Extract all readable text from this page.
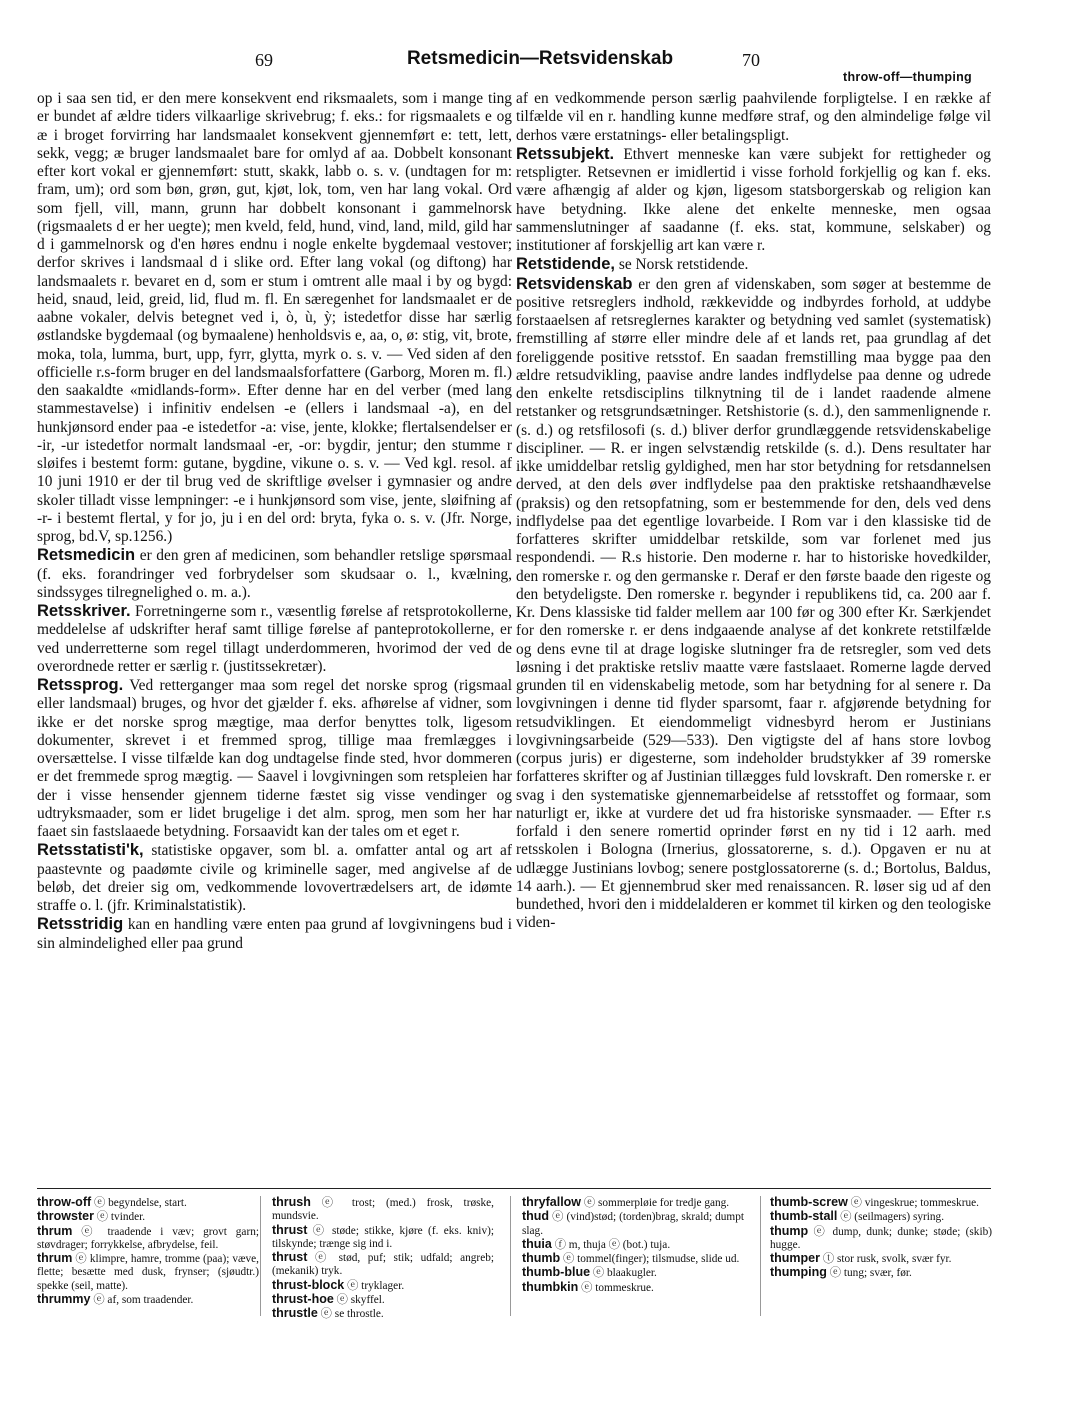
69	Retsmedicin—Retsvidenskab	70
throw-off—thumping

op i saa sen tid, er den mere konsekvent end riksmaalets, som i mange ting er bundet af ældre tiders vilkaarlige skrivebrug; f. eks.: for rigsmaalets e og æ i broget forvirring har landsmaalet konsekvent gjennemført e: tett, lett, sekk, vegg; æ bruger landsmaalet bare for omlyd af aa. Dobbelt konsonant efter kort vokal er gjennemført: stutt, skakk, labb o. s. v. (undtagen for m: fram, um); ord som bøn, grøn, gut, kjøt, lok, tom, ven har lang vokal. Ord som fjell, vill, mann, grunn har dobbelt konsonant i gammelnorsk (rigsmaalets d er her uegte); men kveld, feld, hund, vind, land, mild, gild har d i gammelnorsk og d'en høres endnu i nogle enkelte bygdemaal vestover; derfor skrives i landsmaal d i slike ord. Efter lang vokal (og diftong) har landsmaalets r. bevaret en d, som er stum i omtrent alle maal i by og bygd: heid, snaud, leid, greid, lid, flud m. fl. En særegenhet for landsmaalet er de aabne vokaler, delvis betegnet ved i, ò, ù, ỳ; istedetfor disse har særlig østlandske bygdemaal (og bymaalene) henholdsvis e, aa, o, ø: stig, vit, brote, moka, tola, lumma, burt, upp, fyrr, glytta, myrk o. s. v. — Ved siden af den officielle r.s-form bruger en del landsmaalsforfattere (Garborg, Moren m. fl.) den saakaldte «midlands-form». Efter denne har en del verber (med lang stammestavelse) i infinitiv endelsen -e (ellers i landsmaal -a), en del hunkjønsord ender paa -e istedetfor -a: vise, jente, klokke; flertalsendelser er -ir, -ur istedetfor normalt landsmaal -er, -or: bygdir, jentur; den stumme r sløifes i bestemt form: gutane, bygdine, vikune o. s. v. — Ved kgl. resol. af 10 juni 1910 er der til brug ved de skriftlige øvelser i gymnasier og andre skoler tilladt visse lempninger: -e i hunkjønsord som vise, jente, sløifning af -r- i bestemt flertal, y for jo, ju i en del ord: bryta, fyka o. s. v. (Jfr. Norge, sprog, bd.V, sp.1256.)

Retsmedicin er den gren af medicinen, som behandler retslige spørsmaal (f. eks. forandringer ved forbrydelser som skudsaar o. l., kvælning, sindssyges tilregnelighed o. m. a.).

Retsskriver. Forretningerne som r., væsentlig førelse af retsprotokollerne, meddelelse af udskrifter heraf samt tillige førelse af panteprotokollerne, er ved underretterne som regel tillagt underdommeren, hvorimod der ved de overordnede retter er særlig r. (justitssekretær).

Retssprog. Ved retterganger maa som regel det norske sprog (rigsmaal eller landsmaal) bruges, og hvor det gjælder f. eks. afhørelse af vidner, som ikke er det norske sprog mægtige, maa derfor benyttes tolk, ligesom dokumenter, skrevet i et fremmed sprog, tillige maa fremlægges i oversættelse. I visse tilfælde kan dog undtagelse finde sted, hvor dommeren er det fremmede sprog mægtig. — Saavel i lovgivningen som retspleien har der i visse hensender gjennem tiderne fæstet sig visse vendinger og udtryksmaader, som er lidet brugelige i det alm. sprog, men som her har faaet sin fastslaaede betydning. Forsaavidt kan der tales om et eget r.

Retsstatisti'k, statistiske opgaver, som bl. a. omfatter antal og art af paastevnte og paadømte civile og kriminelle sager, med angivelse af de beløb, det dreier sig om, vedkommende lovovertrædelsers art, de idømte straffe o. l. (jfr. Kriminalstatistik).

Retsstridig kan en handling være enten paa grund af lovgivningens bud i sin almindelighed eller paa grund

af en vedkommende person særlig paahvilende forpligtelse. I en række af tilfælde vil en r. handling kunne medføre straf, og den almindelige følge vil derhos være erstatnings- eller betalingspligt.

Retssubjekt. Ethvert menneske kan være subjekt for rettigheder og retspligter. Retsevnen er imidlertid i visse forhold forkjellig og kan f. eks. være afhængig af alder og kjøn, ligesom statsborgerskab og religion kan have betydning. Ikke alene det enkelte menneske, men ogsaa sammenslutninger af saadanne (f. eks. stat, kommune, selskaber) og institutioner af forskjellig art kan være r.

Retstidende, se Norsk retstidende.

Retsvidenskab er den gren af videnskaben, som søger at bestemme de positive retsreglers indhold, rækkevidde og indbyrdes forhold, at uddybe forstaaelsen af retsreglernes karakter og betydning ved samlet (systematisk) fremstilling af større eller mindre dele af et lands ret, paa grundlag af det foreliggende positive retsstof. En saadan fremstilling maa bygge paa den ældre retsudvikling, paavise andre landes indflydelse paa denne og udrede den enkelte retsdisciplins tilknytning til de i landet raadende almene retstanker og retsgrundsætninger. Retshistorie (s. d.), den sammenlignende r. (s. d.) og retsfilosofi (s. d.) bliver derfor grundlæggende retsvidenskabelige discipliner. — R. er ingen selvstændig retskilde (s. d.). Dens resultater har ikke umiddelbar retslig gyldighed, men har stor betydning for retsdannelsen derved, at den dels øver indflydelse paa den praktiske retshaandhævelse (praksis) og den retsopfatning, som er bestemmende for den, dels ved dens indflydelse paa det egentlige lovarbeide. I Rom var i den klassiske tid de forfatteres skrifter umiddelbar retskilde, som var forlenet med jus respondendi. — R.s historie. Den moderne r. har to historiske hovedkilder, den romerske r. og den germanske r. Deraf er den første baade den rigeste og den betydeligste. Den romerske r. begynder i republikens tid, ca. 200 aar f. Kr. Dens klassiske tid falder mellem aar 100 før og 300 efter Kr. Særkjendet for den romerske r. er dens indgaaende analyse af det konkrete retstilfælde og dens evne til at drage logiske slutninger fra de retsregler, som ved dets løsning i det praktiske retsliv maatte være fastslaaet. Romerne lagde derved grunden til en videnskabelig metode, som har betydning for al senere r. Da lovgivningen i denne tid flyder sparsomt, faar r. afgjørende betydning for retsudviklingen. Et eiendommeligt vidnesbyrd herom er Justinians lovgivningsarbeide (529—533). Den vigtigste del af hans store lovbog (corpus juris) er digesterne, som indeholder brudstykker af 39 romerske forfatteres skrifter og af Justinian tillægges fuld lovskraft. Den romerske r. er svag i den systematiske gjennemarbeidelse af retsstoffet og formaar, som naturligt er, ikke at vurdere det ud fra historiske synsmaader. — Efter r.s forfald i den senere romertid oprinder først en ny tid i 12 aarh. med retsskolen i Bologna (Irnerius, glossatorerne, s. d.). Opgaven er nu at udlægge Justinians lovbog; senere postglossatorerne (s. d.; Bortolus, Baldus, 14 aarh.). — Et gjennembrud sker med renaissancen. R. løser sig ud af den bundethed, hvori den i middelalderen er kommet til kirken og den teologiske viden-

throw-off ⓔ begyndelse, start.

throwster ⓔ tvinder.

thrum ⓔ traadende i væv; grovt garn; støvdrager; forrykkelse, afbrydelse, feil.

thrum ⓔ klimpre, hamre, tromme (paa); væve, flette; besætte med dusk, frynser; (sjøudtr.) spekke (seil, matte).

thrummy ⓔ af, som traadender.

thrush ⓔ trost; (med.) frosk, trøske, mundsvie.

thrust ⓔ støde; stikke, kjøre (f. eks. kniv); tilskynde; trænge sig ind i.

thrust ⓔ stød, puf; stik; udfald; angreb; (mekanik) tryk.

thrust-block ⓔ tryklager.

thrust-hoe ⓔ skyffel.

thrustle ⓔ se throstle.

thryfallow ⓔ sommerpløie for tredje gang.

thud ⓔ (vind)stød; (torden)brag, skrald; dumpt slag.

thuia ⓕ m, thuja ⓔ (bot.) tuja.

thumb ⓔ tommel(finger); tilsmudse, slide ud.

thumb-blue ⓔ blaakugler.

thumbkin ⓔ tommeskrue.

thumb-screw ⓔ vingeskrue; tommeskrue.

thumb-stall ⓔ (seilmagers) syring.

thump ⓔ dump, dunk; dunke; støde; (skib) hugge.

thumper ⓣ stor rusk, svolk, svær fyr.

thumping ⓔ tung; svær, før.
